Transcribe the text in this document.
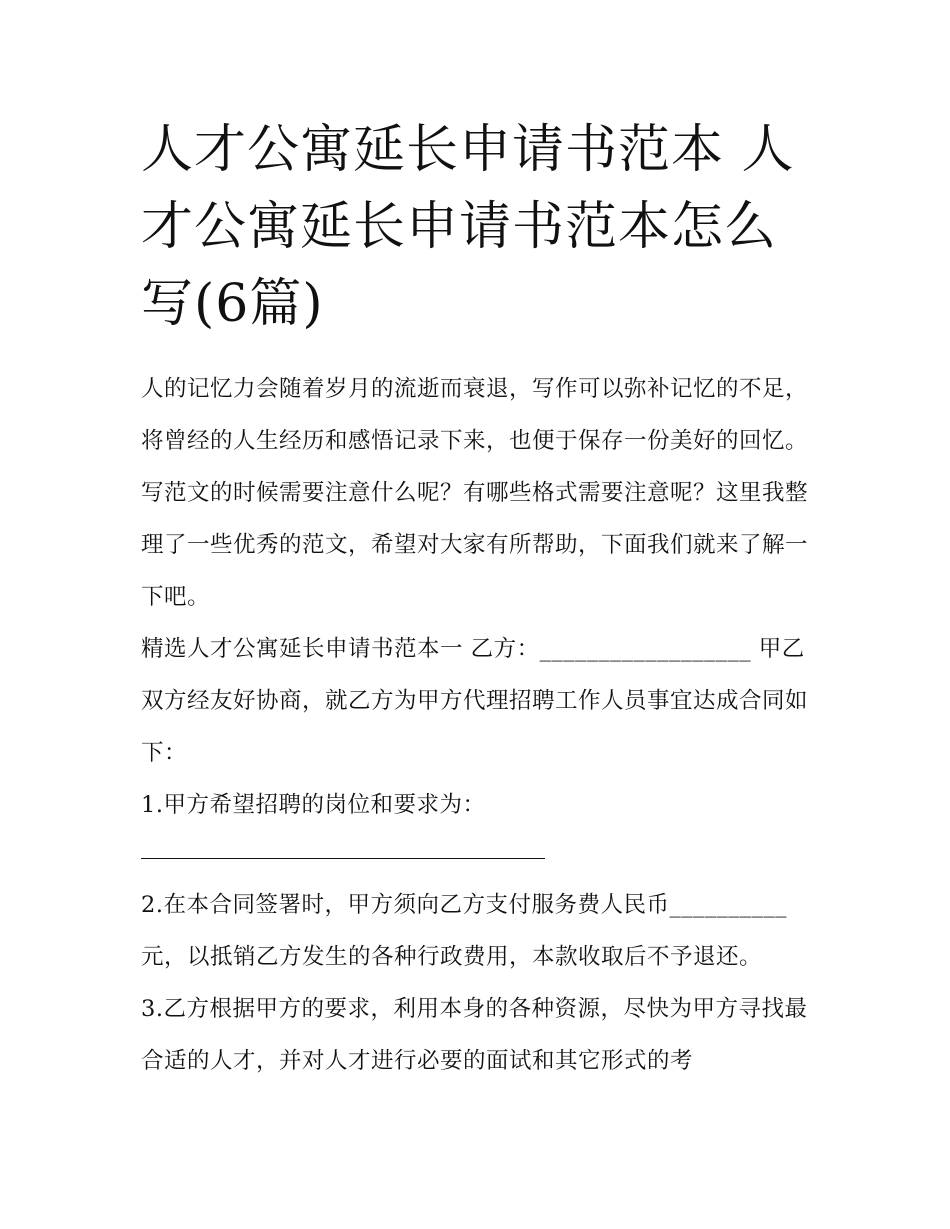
人才公寓延长申请书范本 人才公寓延长申请书范本怎么写(6篇)

人的记忆力会随着岁月的流逝而衰退，写作可以弥补记忆的不足，将曾经的人生经历和感悟记录下来，也便于保存一份美好的回忆。写范文的时候需要注意什么呢？有哪些格式需要注意呢？这里我整理了一些优秀的范文，希望对大家有所帮助，下面我们就来了解一下吧。

精选人才公寓延长申请书范本一 乙方：__________________ 甲乙双方经友好协商，就乙方为甲方代理招聘工作人员事宜达成合同如下：

1.甲方希望招聘的岗位和要求为：

2.在本合同签署时，甲方须向乙方支付服务费人民币__________元，以抵销乙方发生的各种行政费用，本款收取后不予退还。

3.乙方根据甲方的要求，利用本身的各种资源，尽快为甲方寻找最合适的人才，并对人才进行必要的面试和其它形式的考
